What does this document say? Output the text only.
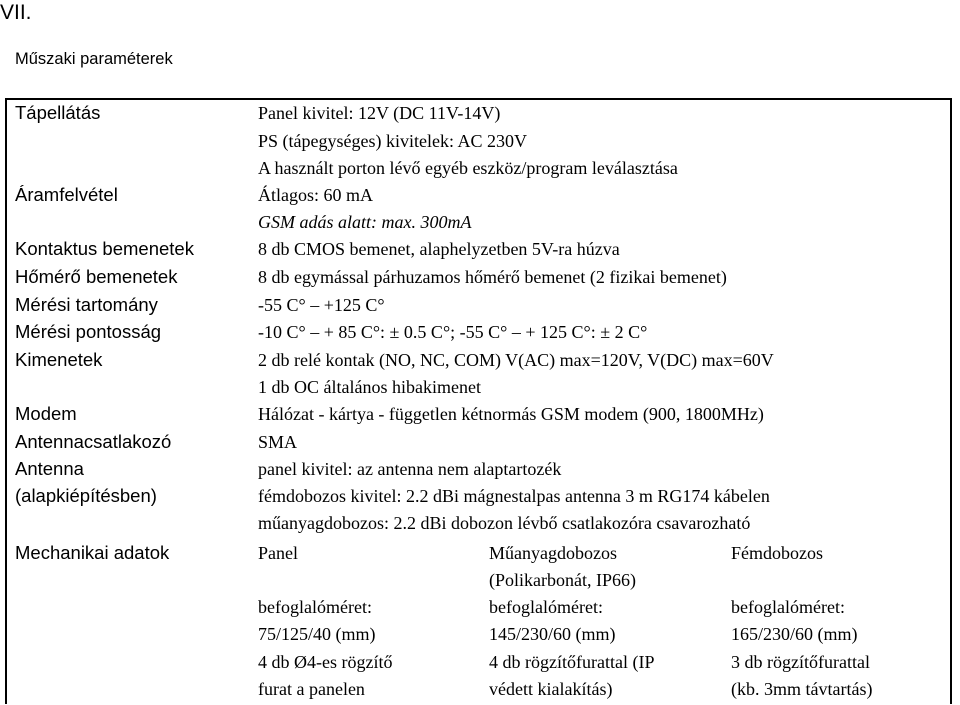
VII.
Műszaki paraméterek
Tápellátás
Áramfelvétel
Kontaktus bemenetek
Hőmérő bemenetek
Mérési tartomány
Mérési pontosság
Kimenetek
Modem
Antennacsatlakozó
Antenna
(alapkiépítésben)
Mechanikai adatok
Panel kivitel: 12V (DC 11V-14V)
PS (tápegységes) kivitelek: AC 230V
A használt porton lévő egyéb eszköz/program leválasztása
Átlagos: 60 mA
GSM adás alatt: max. 300mA
8 db CMOS bemenet, alaphelyzetben 5V-ra húzva
8 db egymással párhuzamos hőmérő bemenet (2 fizikai bemenet)
-55 C° – +125 C°
-10 C° – + 85 C°: ± 0.5 C°; -55 C° – + 125 C°: ± 2 C°
2 db relé kontak (NO, NC, COM) V(AC) max=120V, V(DC) max=60V
1 db OC általános hibakimenet
Hálózat - kártya - független kétnormás GSM modem (900, 1800MHz)
SMA
panel kivitel: az antenna nem alaptartozék
fémdobozos kivitel: 2.2 dBi mágnestalpas antenna 3 m RG174 kábelen
műanyagdobozos: 2.2 dBi dobozon lévbő csatlakozóra csavarozható
Panel	Műanyagdobozos
(Polikarbonát, IP66)
Fémdobozos
befoglalóméret:
75/125/40 (mm)
befoglalóméret:
145/230/60 (mm)
befoglalóméret:
165/230/60 (mm)
4 db Ø4-es rögzítő
furat a panelen
4 db rögzítőfurattal (IP
védett kialakítás)
3 db rögzítőfurattal
(kb. 3mm távtartás)
